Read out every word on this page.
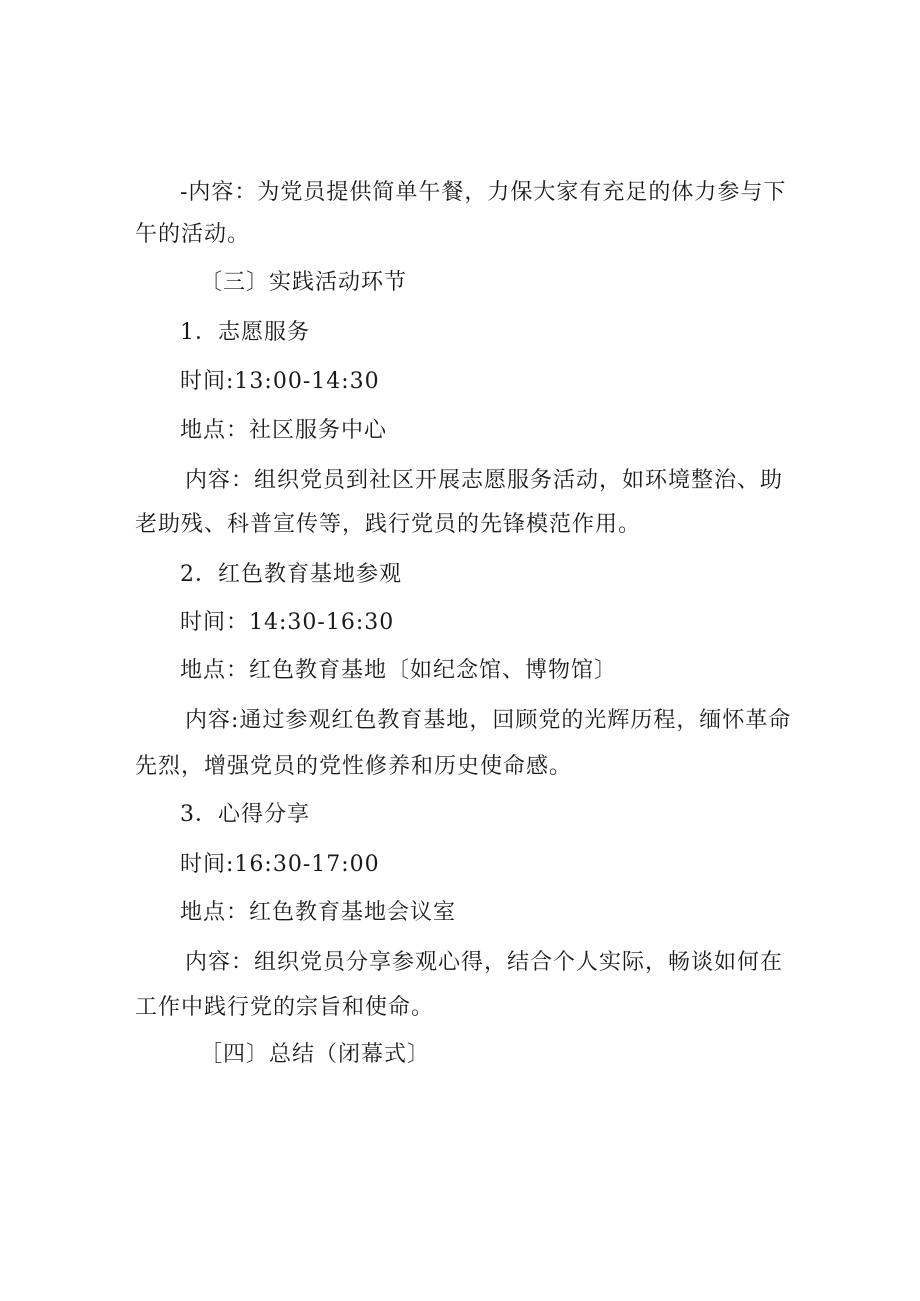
-内容：为党员提供简单午餐，力保大家有充足的体力参与下
午的活动。
〔三〕实践活动环节
1．志愿服务
时间:13:00-14:30
地点：社区服务中心
内容：组织党员到社区开展志愿服务活动，如环境整治、助
老助残、科普宣传等，践行党员的先锋模范作用。
2．红色教育基地参观
时间：14:30-16:30
地点：红色教育基地〔如纪念馆、博物馆〕
内容:通过参观红色教育基地，回顾党的光辉历程，缅怀革命
先烈，增强党员的党性修养和历史使命感。
3．心得分享
时间:16:30-17:00
地点：红色教育基地会议室
内容：组织党员分享参观心得，结合个人实际，畅谈如何在
工作中践行党的宗旨和使命。
［四〕总结（闭幕式〕
